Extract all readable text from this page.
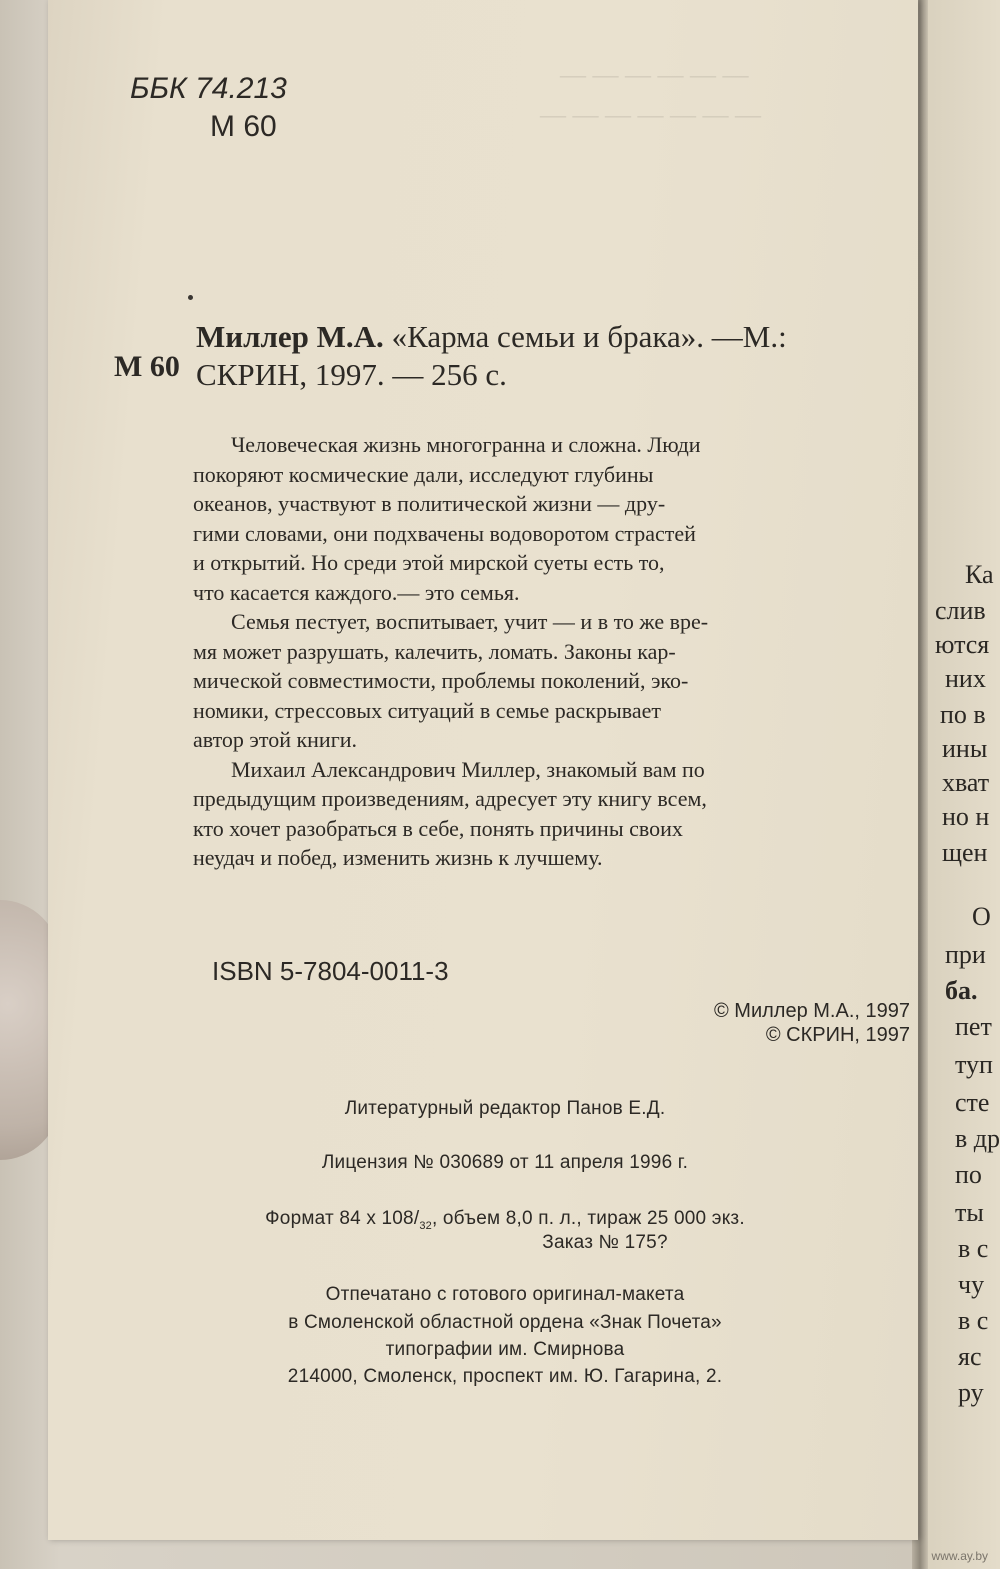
— — — — — —
— — — — — — —
ББК 74.213
М 60
М 60
Миллер М.А. «Карма семьи и брака». —М.:
СКРИН, 1997. — 256 с.
Человеческая жизнь многогранна и сложна. Люди
покоряют космические дали, исследуют глубины
океанов, участвуют в политической жизни — дру-
гими словами, они подхвачены водоворотом страстей
и открытий. Но среди этой мирской суеты есть то,
что касается каждого.— это семья.
Семья пестует, воспитывает, учит — и в то же вре-
мя может разрушать, калечить, ломать. Законы кар-
мической совместимости, проблемы поколений, эко-
номики, стрессовых ситуаций в семье раскрывает
автор этой книги.
Михаил Александрович Миллер, знакомый вам по
предыдущим произведениям, адресует эту книгу всем,
кто хочет разобраться в себе, понять причины своих
неудач и побед, изменить жизнь к лучшему.
ISBN 5-7804-0011-3
© Миллер М.А., 1997
© СКРИН, 1997
Литературный редактор Панов Е.Д.
Лицензия № 030689 от 11 апреля 1996 г.
Формат 84 х $108/_{32}$, объем 8,0 п. л., тираж 25 000 экз.
Заказ № 175?
Отпечатано с готового оригинал-макета
в Смоленской областной ордена «Знак Почета»
типографии им. Смирнова
214000, Смоленск, проспект им. Ю. Гагарина, 2.
Ка
слив
ются
них
по в
ины
хват
но н
щен
О
при
ба.
пет
туп
сте
в др
по
ты
в с
чу
в с
яс
ру
www.ay.by
